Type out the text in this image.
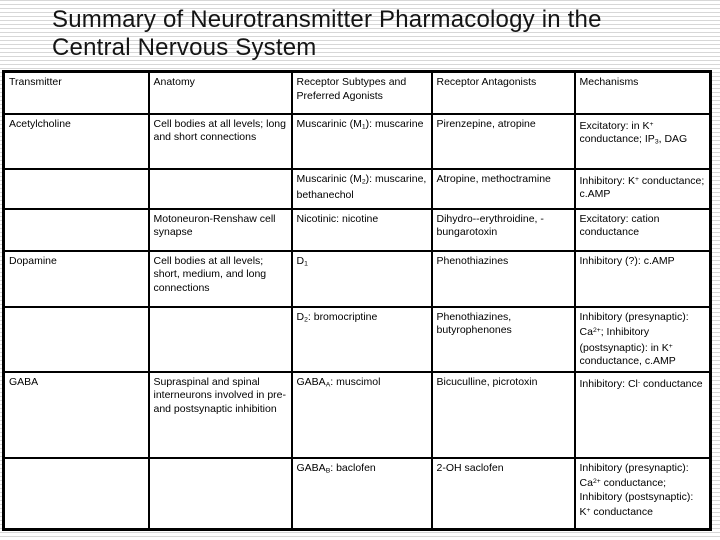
Summary of Neurotransmitter Pharmacology in the Central Nervous System
Transmitter	Anatomy	Receptor Subtypes and Preferred Agonists	Receptor Antagonists	Mechanisms
Acetylcholine	Cell bodies at all levels; long and short connections	Muscarinic $(M_1)$: muscarine	Pirenzepine, atropine	Excitatory: in K+ conductance; $IP_3$, DAG
		Muscarinic $(M_2)$: muscarine, bethanechol	Atropine, methoctramine	Inhibitory: K+ conductance; c.AMP
	Motoneuron-Renshaw cell synapse	Nicotinic: nicotine	Dihydro--erythroidine, -bungarotoxin	Excitatory: cation conductance
Dopamine	Cell bodies at all levels; short, medium, and long connections	$D_1$	Phenothiazines	Inhibitory (?): c.AMP
		$D_2$: bromocriptine	Phenothiazines, butyrophenones	Inhibitory (presynaptic): $Ca^{2+}$; Inhibitory (postsynaptic): in K+ conductance, c.AMP
GABA	Supraspinal and spinal interneurons involved in pre- and postsynaptic inhibition	$GABA_A$: muscimol	Bicuculline, picrotoxin	Inhibitory: Cl- conductance
		$GABA_B$: baclofen	2-OH saclofen	Inhibitory (presynaptic): $Ca^{2+}$ conductance; Inhibitory (postsynaptic): K+ conductance
